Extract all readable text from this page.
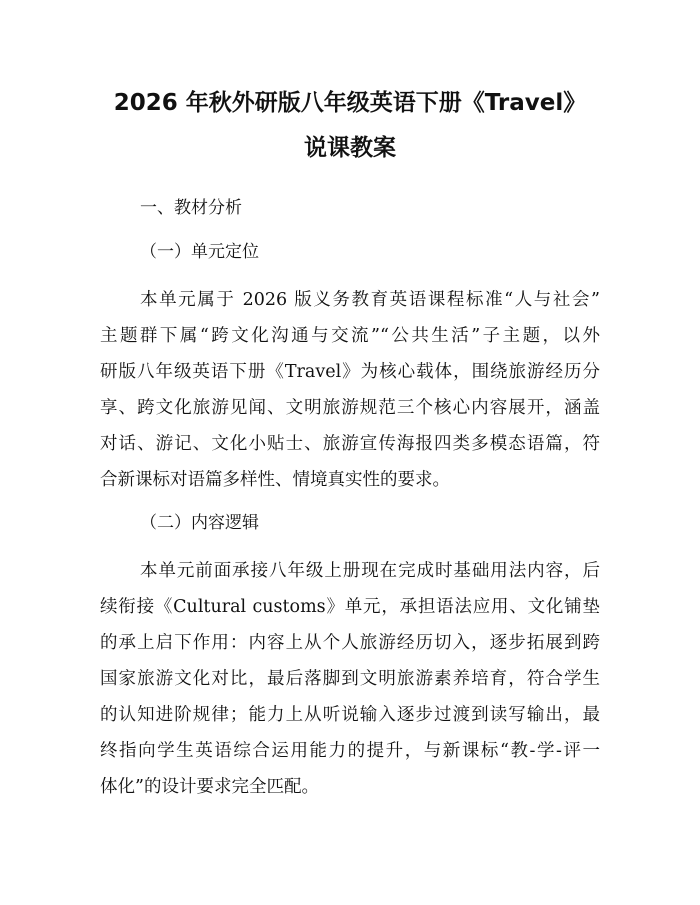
2026 年秋外研版八年级英语下册《Travel》
说课教案
一、教材分析
（一）单元定位
本单元属于 2026 版义务教育英语课程标准“人与社会”
主题群下属“跨文化沟通与交流”“公共生活”子主题，以外
研版八年级英语下册《Travel》为核心载体，围绕旅游经历分
享、跨文化旅游见闻、文明旅游规范三个核心内容展开，涵盖
对话、游记、文化小贴士、旅游宣传海报四类多模态语篇，符
合新课标对语篇多样性、情境真实性的要求。
（二）内容逻辑
本单元前面承接八年级上册现在完成时基础用法内容，后
续衔接《Cultural customs》单元，承担语法应用、文化铺垫
的承上启下作用：内容上从个人旅游经历切入，逐步拓展到跨
国家旅游文化对比，最后落脚到文明旅游素养培育，符合学生
的认知进阶规律；能力上从听说输入逐步过渡到读写输出，最
终指向学生英语综合运用能力的提升，与新课标“教-学-评一
体化”的设计要求完全匹配。
